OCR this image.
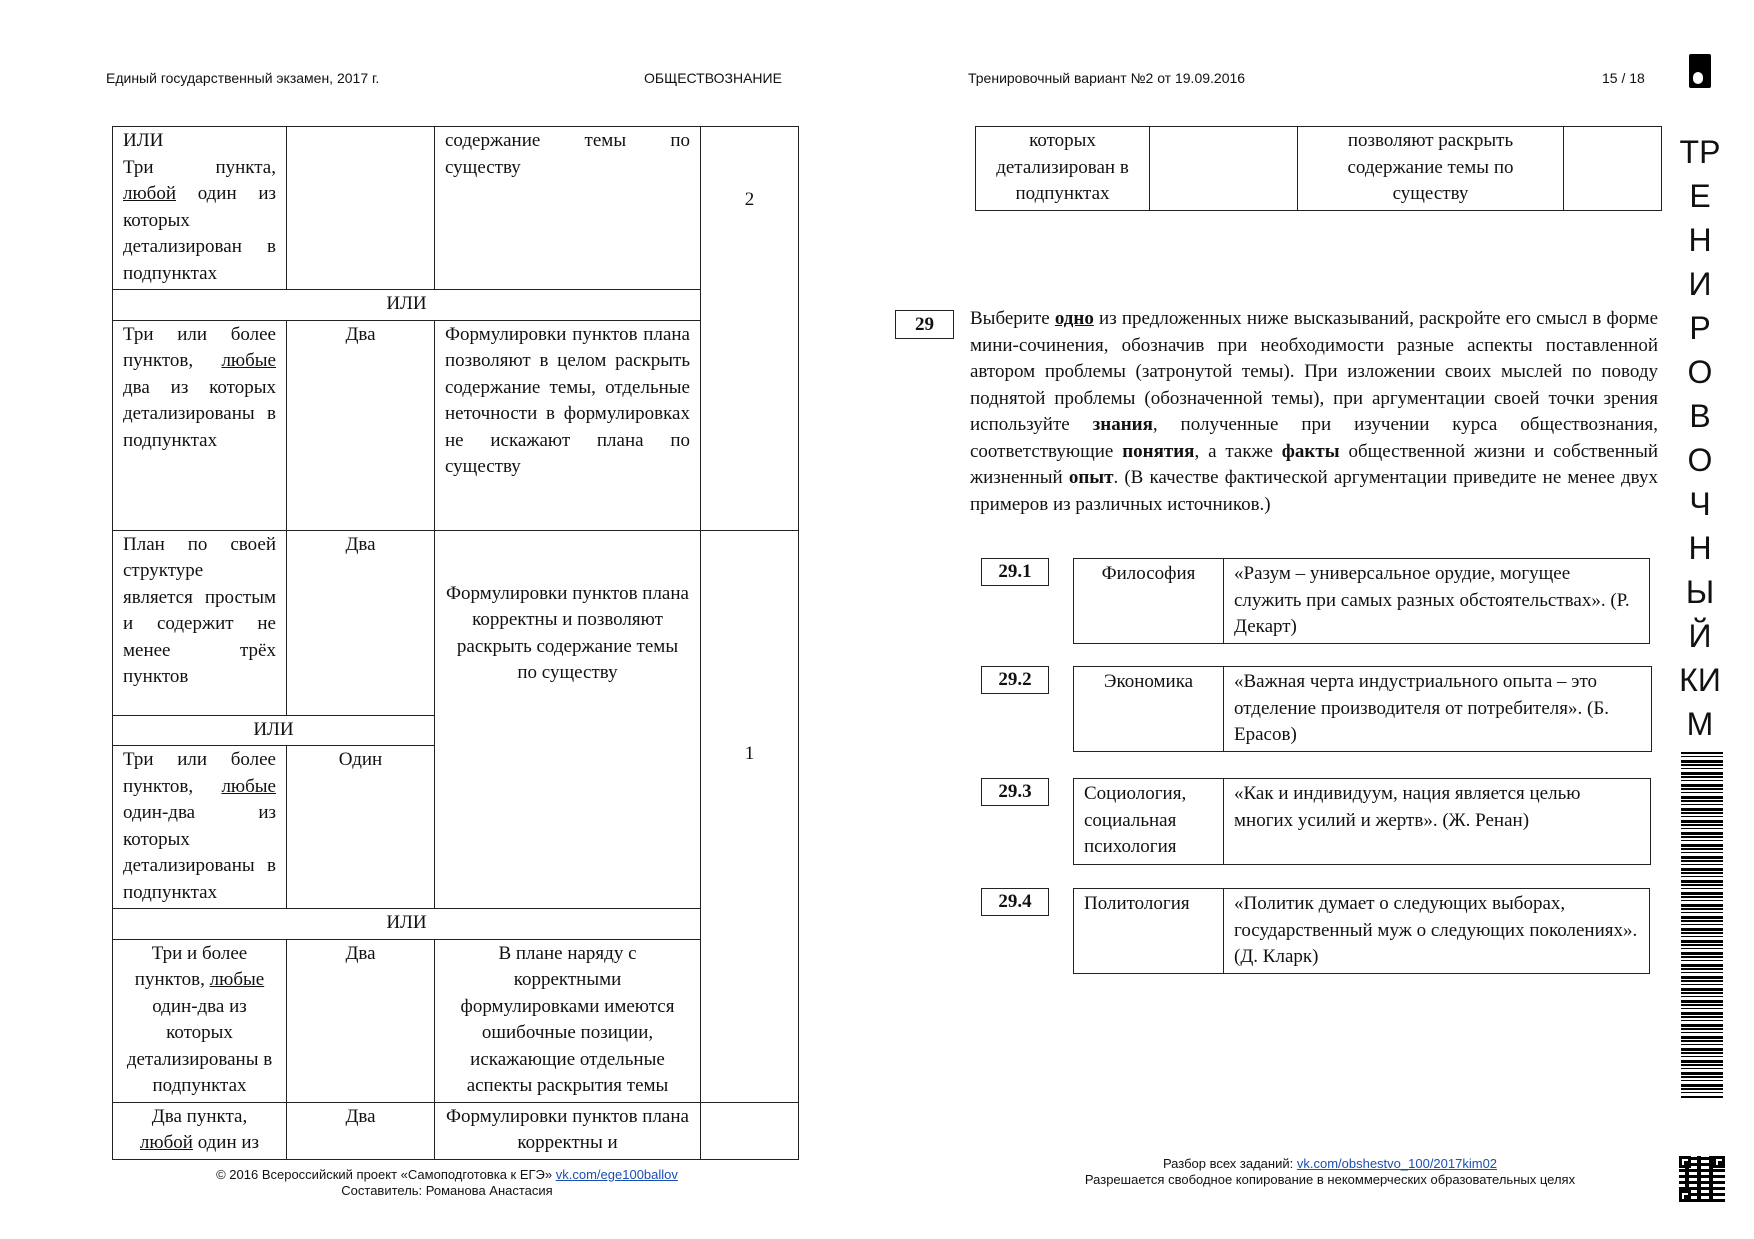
Единый государственный экзамен, 2017 г.	ОБЩЕСТВОЗНАНИЕ	Тренировочный вариант №2 от 19.09.2016	15 / 18
ИЛИ
Три пункта, любой один из которых детализирован в подпунктах		содержание темы по существу	2
ИЛИ			
Три или более пунктов, любые два из которых детализированы в подпунктах	Два	Формулировки пунктов плана позволяют в целом раскрыть содержание темы, отдельные неточности в формулировках не искажают плана по существу	
План по своей структуре является простым и содержит не менее трёх пунктов	Два	Формулировки пунктов плана корректны и позволяют раскрыть содержание темы по существу	1
ИЛИ			
Три или более пунктов, любые один-два из которых детализированы в подпунктах	Один		
ИЛИ			
Три и более пунктов, любые один-два из которых детализированы в подпунктах	Два	В плане наряду с корректными формулировками имеются ошибочные позиции, искажающие отдельные аспекты раскрытия темы	
Два пункта, любой один из	Два	Формулировки пунктов плана корректны и	
которых детализирован в подпунктах		позволяют раскрыть содержание темы по существу	
29	Выберите одно из предложенных ниже высказываний, раскройте его смысл в форме мини-сочинения, обозначив при необходимости разные аспекты поставленной автором проблемы (затронутой темы). При изложении своих мыслей по поводу поднятой проблемы (обозначенной темы), при аргументации своей точки зрения используйте знания, полученные при изучении курса обществознания, соответствующие понятия, а также факты общественной жизни и собственный жизненный опыт. (В качестве фактической аргументации приведите не менее двух примеров из различных источников.)
29.1	Философия	«Разум – универсальное орудие, могущее служить при самых разных обстоятельствах». (Р. Декарт)
29.2	Экономика	«Важная черта индустриального опыта – это отделение производителя от потребителя». (Б. Ерасов)
29.3	Социология, социальная психология	«Как и индивидуум, нация является целью многих усилий и жертв». (Ж. Ренан)
29.4	Политология	«Политик думает о следующих выборах, государственный муж о следующих поколениях». (Д. Кларк)
ТР
Е
Н
И
Р
О
В
О
Ч
Н
Ы
Й
КИ
М
© 2016 Всероссийский проект «Самоподготовка к ЕГЭ» vk.com/ege100ballov
Составитель: Романова Анастасия
Разбор всех заданий: vk.com/obshestvo_100/2017kim02
Разрешается свободное копирование в некоммерческих образовательных целях
